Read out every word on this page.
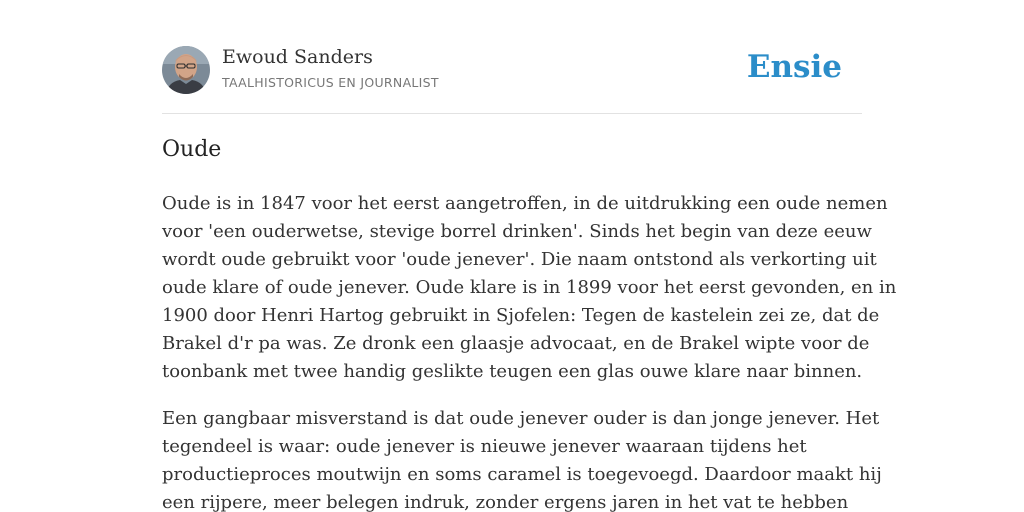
Ewoud Sanders
TAALHISTORICUS EN JOURNALIST	Ensie
Oude

Oude is in 1847 voor het eerst aangetroffen, in de uitdrukking een oude nemen
voor 'een ouderwetse, stevige borrel drinken'. Sinds het begin van deze eeuw
wordt oude gebruikt voor 'oude jenever'. Die naam ontstond als verkorting uit
oude klare of oude jenever. Oude klare is in 1899 voor het eerst gevonden, en in
1900 door Henri Hartog gebruikt in Sjofelen: Tegen de kastelein zei ze, dat de
Brakel d'r pa was. Ze dronk een glaasje advocaat, en de Brakel wipte voor de
toonbank met twee handig geslikte teugen een glas ouwe klare naar binnen.

Een gangbaar misverstand is dat oude jenever ouder is dan jonge jenever. Het
tegendeel is waar: oude jenever is nieuwe jenever waaraan tijdens het
productieproces moutwijn en soms caramel is toegevoegd. Daardoor maakt hij
een rijpere, meer belegen indruk, zonder ergens jaren in het vat te hebben
